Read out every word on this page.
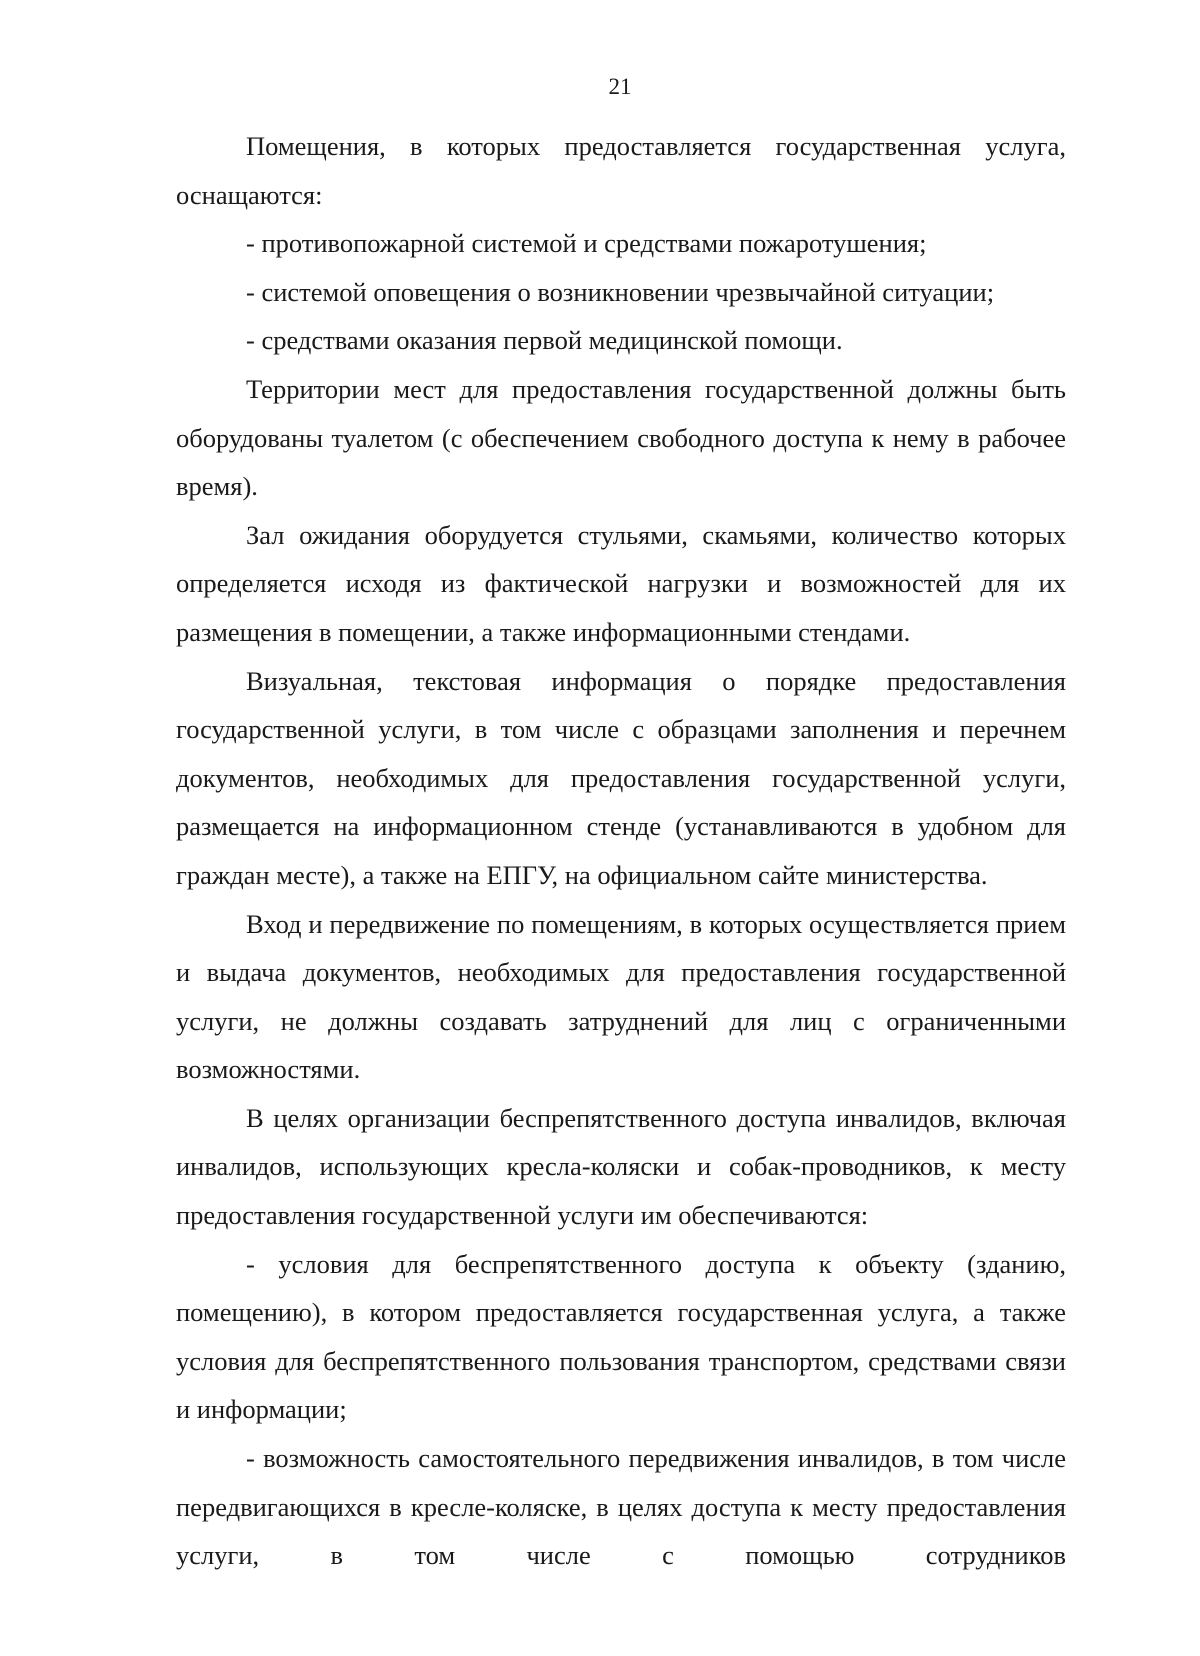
21

Помещения, в которых предоставляется государственная услуга, оснащаются:

- противопожарной системой и средствами пожаротушения;

- системой оповещения о возникновении чрезвычайной ситуации;

- средствами оказания первой медицинской помощи.

Территории мест для предоставления государственной должны быть оборудованы туалетом (с обеспечением свободного доступа к нему в рабочее время).

Зал ожидания оборудуется стульями, скамьями, количество которых определяется исходя из фактической нагрузки и возможностей для их размещения в помещении, а также информационными стендами.

Визуальная, текстовая информация о порядке предоставления государственной услуги, в том числе с образцами заполнения и перечнем документов, необходимых для предоставления государственной услуги, размещается на информационном стенде (устанавливаются в удобном для граждан месте), а также на ЕПГУ, на официальном сайте министерства.

Вход и передвижение по помещениям, в которых осуществляется прием и выдача документов, необходимых для предоставления государственной услуги, не должны создавать затруднений для лиц с ограниченными возможностями.

В целях организации беспрепятственного доступа инвалидов, включая инвалидов, использующих кресла-коляски и собак-проводников, к месту предоставления государственной услуги им обеспечиваются:

- условия для беспрепятственного доступа к объекту (зданию, помещению), в котором предоставляется государственная услуга, а также условия для беспрепятственного пользования транспортом, средствами связи и информации;

- возможность самостоятельного передвижения инвалидов, в том числе передвигающихся в кресле-коляске, в целях доступа к месту предоставления услуги, в том числе с помощью сотрудников
